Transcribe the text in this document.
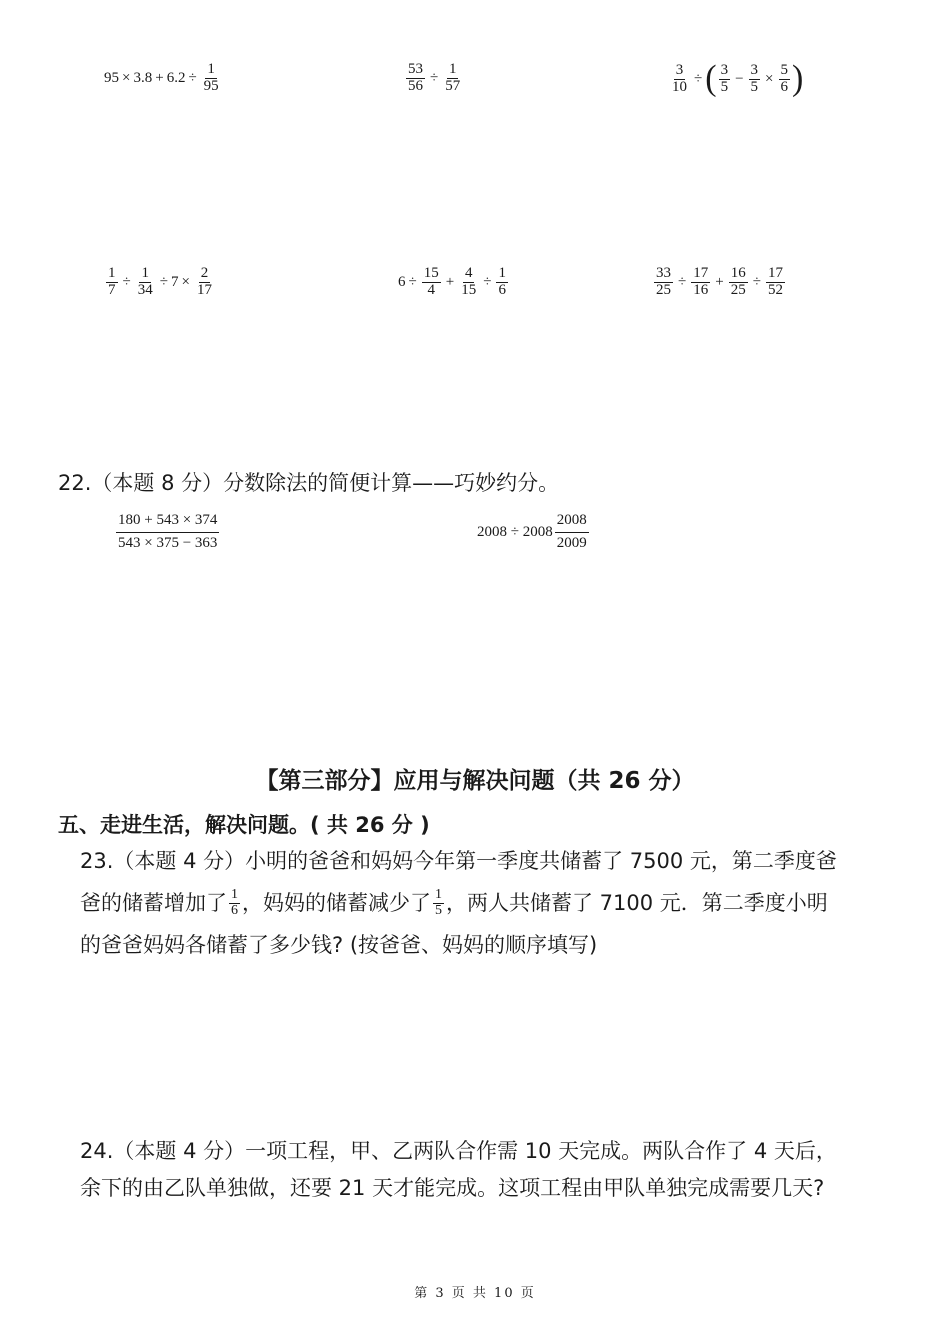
$95 \times 3.8 + 6.2 \div \frac{1}{95}$	$\frac{53}{56} \div \frac{1}{57}$	$\frac{3}{10}$ ÷ ( $\frac{3}{5} - \frac{3}{5} \times \frac{5}{6}$ )
$\frac{1}{7} \div \frac{1}{34} \div 7 \times \frac{2}{17}$	$6 \div \frac{15}{4} + \frac{4}{15} \div \frac{1}{6}$	$\frac{33}{25} \div \frac{17}{16} + \frac{16}{25} \div \frac{17}{52}$
22.（本题 8 分）分数除法的简便计算——巧妙约分。
$\frac{180 + 543 \times 374}{543 \times 375 - 363}$	$2008 \div 2008 \frac{2008}{2009}$
【第三部分】应用与解决问题（共 26 分）
五、走进生活，解决问题。( 共 26 分 )
23.（本题 4 分）小明的爸爸和妈妈今年第一季度共储蓄了 7500 元，第二季度爸
爸的储蓄增加了 $\frac{1}{6}$ ，妈妈的储蓄减少了 $\frac{1}{5}$ ，两人共储蓄了 7100 元．第二季度小明
的爸爸妈妈各储蓄了多少钱? (按爸爸、妈妈的顺序填写)
24.（本题 4 分）一项工程，甲、乙两队合作需 10 天完成。两队合作了 4 天后，
余下的由乙队单独做，还要 21 天才能完成。这项工程由甲队单独完成需要几天?
第 3 页 共 10 页
